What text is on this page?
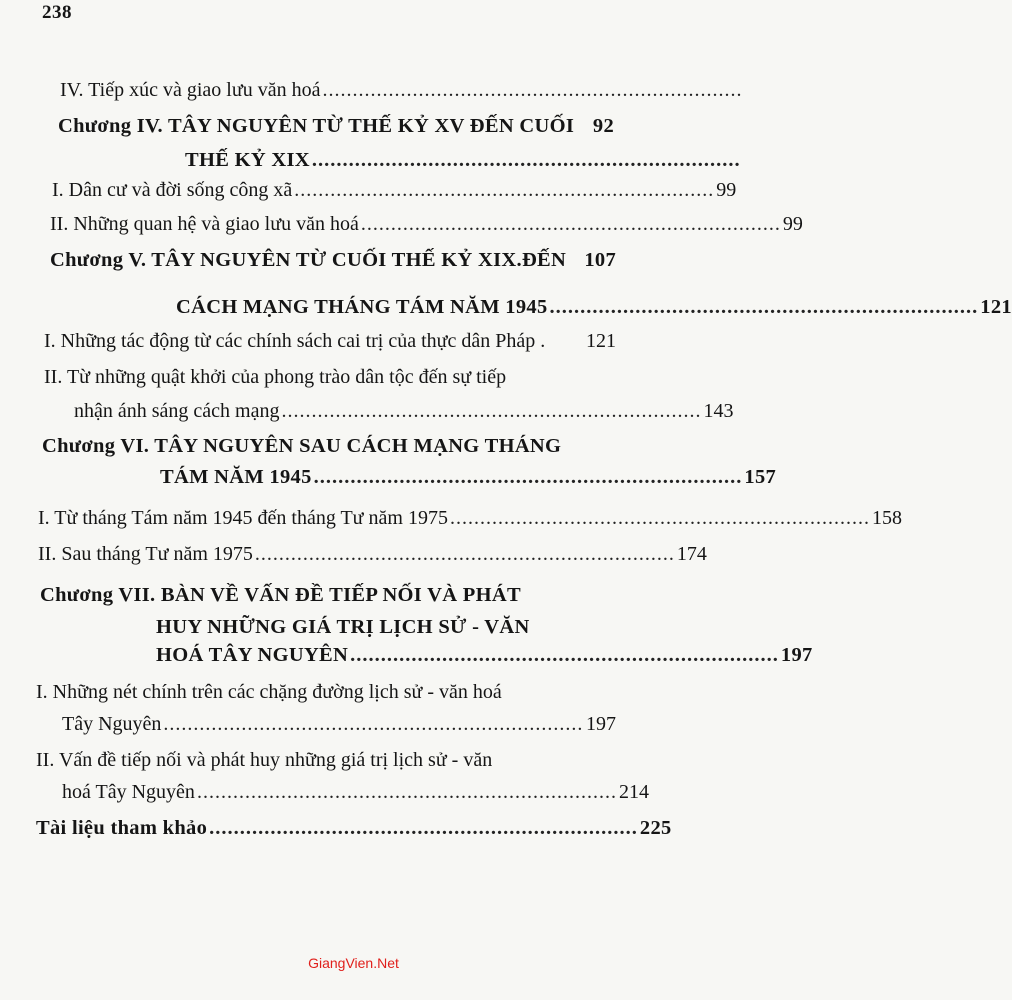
238
IV. Tiếp xúc và giao lưu văn hoá ......................................................................
Chương IV. TÂY NGUYÊN TỪ THẾ KỶ XV ĐẾN CUỐI 92
THẾ KỶ XIX ......................................................................
I. Dân cư và đời sống công xã ...................................................................... 99
II. Những quan hệ và giao lưu văn hoá ...................................................................... 99
Chương V. TÂY NGUYÊN TỪ CUỐI THẾ KỶ XIX.ĐẾN 107
CÁCH MẠNG THÁNG TÁM NĂM 1945 ...................................................................... 121
I. Những tác động từ các chính sách cai trị của thực dân Pháp . 121
II. Từ những quật khởi của phong trào dân tộc đến sự tiếp
nhận ánh sáng cách mạng ...................................................................... 143
Chương VI. TÂY NGUYÊN SAU CÁCH MẠNG THÁNG
TÁM NĂM 1945 ...................................................................... 157
I. Từ tháng Tám năm 1945 đến tháng Tư năm 1975 ...................................................................... 158
II. Sau tháng Tư năm 1975 ...................................................................... 174
Chương VII. BÀN VỀ VẤN ĐỀ TIẾP NỐI VÀ PHÁT
HUY NHỮNG GIÁ TRỊ LỊCH SỬ - VĂN
HOÁ TÂY NGUYÊN ...................................................................... 197
I. Những nét chính trên các chặng đường lịch sử - văn hoá
Tây Nguyên ...................................................................... 197
II. Vấn đề tiếp nối và phát huy những giá trị lịch sử - văn
hoá Tây Nguyên ...................................................................... 214
Tài liệu tham khảo ...................................................................... 225
GiangVien.Net
